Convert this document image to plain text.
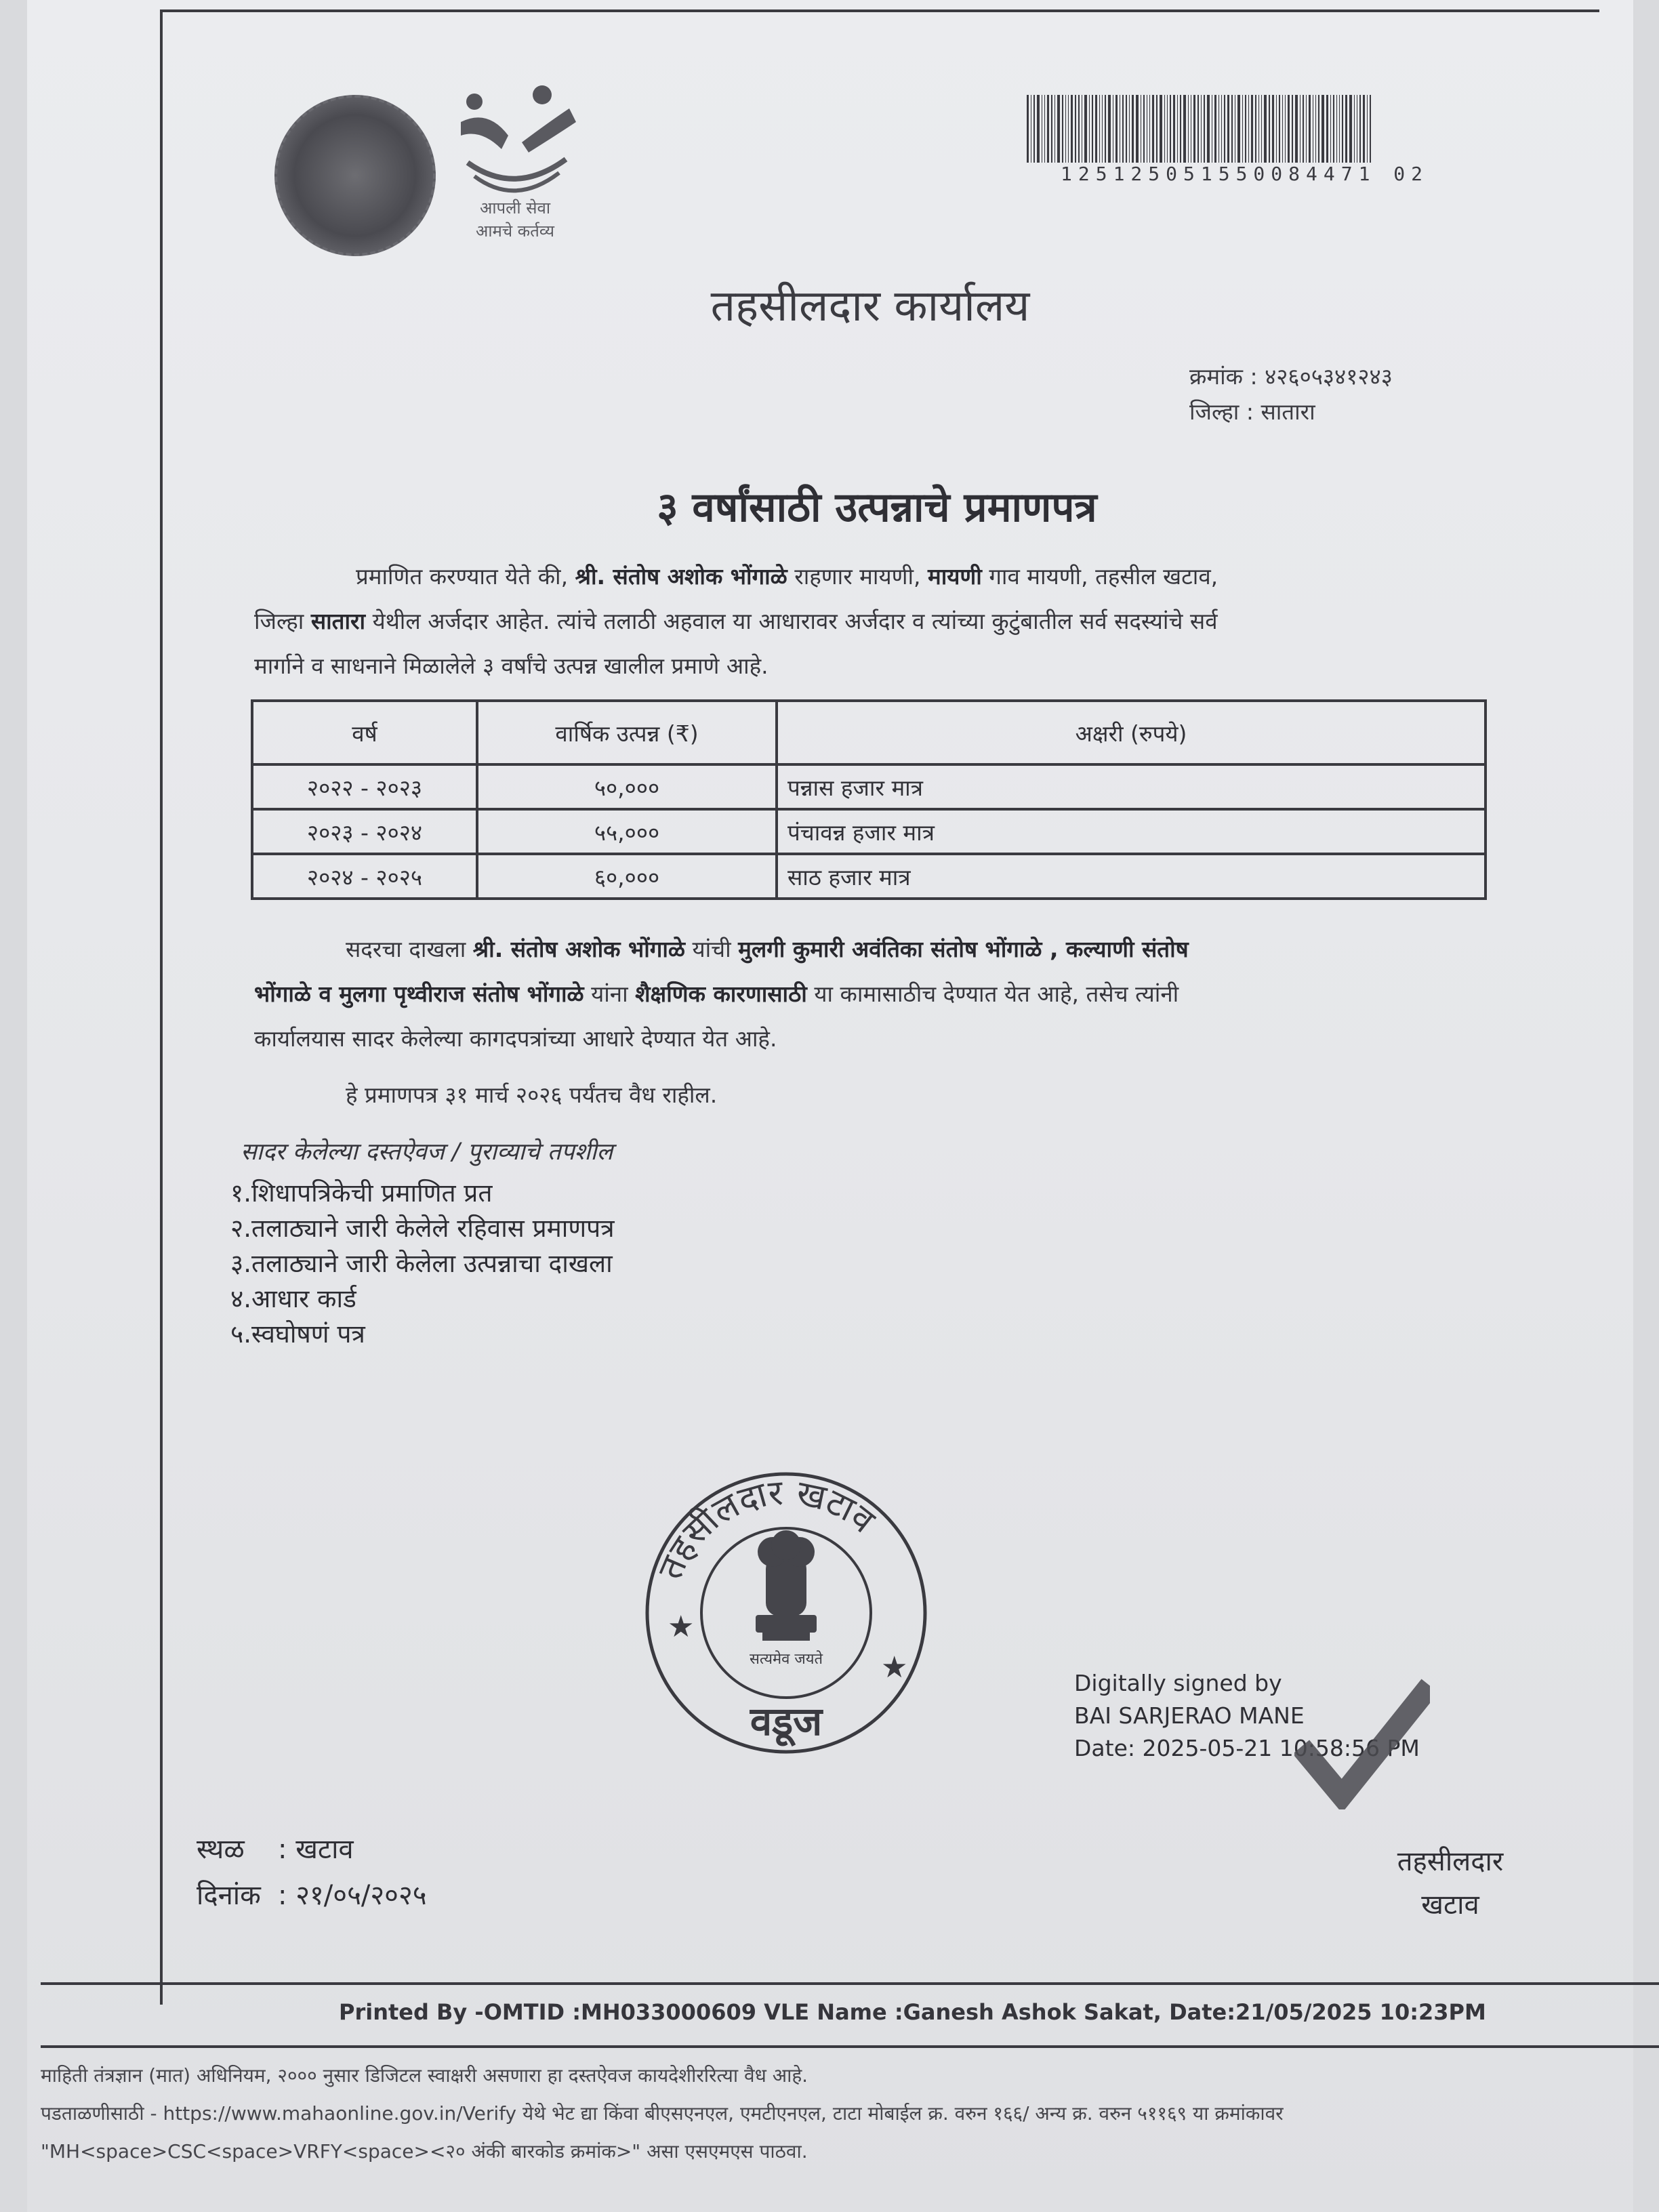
आपली सेवा
आमचे कर्तव्य
125125051550084471 02
तहसीलदार कार्यालय
क्रमांक : ४२६०५३४१२४३
जिल्हा : सातारा
३ वर्षांसाठी उत्पन्नाचे प्रमाणपत्र
प्रमाणित करण्यात येते की, श्री. संतोष अशोक भोंगाळे राहणार मायणी, मायणी गाव मायणी, तहसील खटाव,
जिल्हा सातारा येथील अर्जदार आहेत. त्यांचे तलाठी अहवाल या आधारावर अर्जदार व त्यांच्या कुटुंबातील सर्व सदस्यांचे सर्व
मार्गाने व साधनाने मिळालेले ३ वर्षांचे उत्पन्न खालील प्रमाणे आहे.
वर्ष	वार्षिक उत्पन्न (₹)	अक्षरी (रुपये)
२०२२ - २०२३	५०,०००	पन्नास हजार मात्र
२०२३ - २०२४	५५,०००	पंचावन्न हजार मात्र
२०२४ - २०२५	६०,०००	साठ हजार मात्र
सदरचा दाखला श्री. संतोष अशोक भोंगाळे यांची मुलगी कुमारी अवंतिका संतोष भोंगाळे , कल्याणी संतोष
भोंगाळे व मुलगा पृथ्वीराज संतोष भोंगाळे यांना शैक्षणिक कारणासाठी या कामासाठीच देण्यात येत आहे, तसेच त्यांनी
कार्यालयास सादर केलेल्या कागदपत्रांच्या आधारे देण्यात येत आहे.
हे प्रमाणपत्र ३१ मार्च २०२६ पर्यंतच वैध राहील.
सादर केलेल्या दस्तऐवज / पुराव्याचे तपशील
१.शिधापत्रिकेची प्रमाणित प्रत
२.तलाठ्याने जारी केलेले रहिवास प्रमाणपत्र
३.तलाठ्याने जारी केलेला उत्पन्नाचा दाखला
४.आधार कार्ड
५.स्वघोषणं पत्र
तहसीलदार खटाव
वडूज
★
★
सत्यमेव जयते
Digitally signed by
BAI SARJERAO MANE
Date: 2025-05-21 10:58:56 PM
स्थळ : खटाव
दिनांक : २१/०५/२०२५
तहसीलदार
खटाव
Printed By -OMTID :MH033000609 VLE Name :Ganesh Ashok Sakat, Date:21/05/2025 10:23PM
माहिती तंत्रज्ञान (मात) अधिनियम, २००० नुसार डिजिटल स्वाक्षरी असणारा हा दस्तऐवज कायदेशीररित्या वैध आहे.
पडताळणीसाठी - https://www.mahaonline.gov.in/Verify येथे भेट द्या किंवा बीएसएनएल, एमटीएनएल, टाटा मोबाईल क्र. वरुन १६६/ अन्य क्र. वरुन ५११६९ या क्रमांकावर
"MH<space>CSC<space>VRFY<space><२० अंकी बारकोड क्रमांक>" असा एसएमएस पाठवा.
